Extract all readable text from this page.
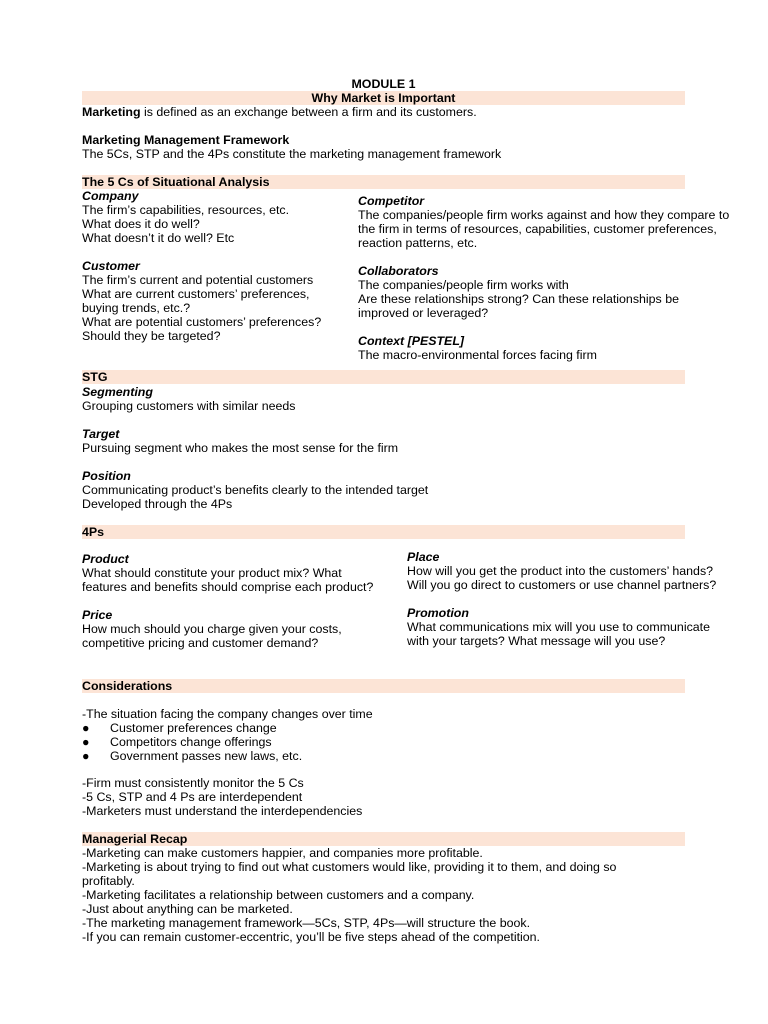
MODULE 1
Why Market is Important
Marketing is defined as an exchange between a firm and its customers.
Marketing Management Framework
The 5Cs, STP and the 4Ps constitute the marketing management framework
The 5 Cs of Situational Analysis
Company
The firm’s capabilities, resources, etc.
What does it do well?
What doesn’t it do well? Etc
Customer
The firm’s current and potential customers
What are current customers’ preferences,
buying trends, etc.?
What are potential customers’ preferences?
Should they be targeted?
Competitor
The companies/people firm works against and how they compare to
the firm in terms of resources, capabilities, customer preferences,
reaction patterns, etc.
Collaborators
The companies/people firm works with
Are these relationships strong? Can these relationships be
improved or leveraged?
Context [PESTEL]
The macro-environmental forces facing firm
STG
Segmenting
Grouping customers with similar needs
Target
Pursuing segment who makes the most sense for the firm
Position
Communicating product’s benefits clearly to the intended target
Developed through the 4Ps
4Ps
Product
What should constitute your product mix? What
features and benefits should comprise each product?
Price
How much should you charge given your costs,
competitive pricing and customer demand?
Place
How will you get the product into the customers’ hands?
Will you go direct to customers or use channel partners?
Promotion
What communications mix will you use to communicate
with your targets? What message will you use?
Considerations
-The situation facing the company changes over time
●	Customer preferences change
●	Competitors change offerings
●	Government passes new laws, etc.
-Firm must consistently monitor the 5 Cs
-5 Cs, STP and 4 Ps are interdependent
-Marketers must understand the interdependencies
Managerial Recap
-Marketing can make customers happier, and companies more profitable.
-Marketing is about trying to find out what customers would like, providing it to them, and doing so
profitably.
-Marketing facilitates a relationship between customers and a company.
-Just about anything can be marketed.
-The marketing management framework—5Cs, STP, 4Ps—will structure the book.
-If you can remain customer-eccentric, you’ll be five steps ahead of the competition.
